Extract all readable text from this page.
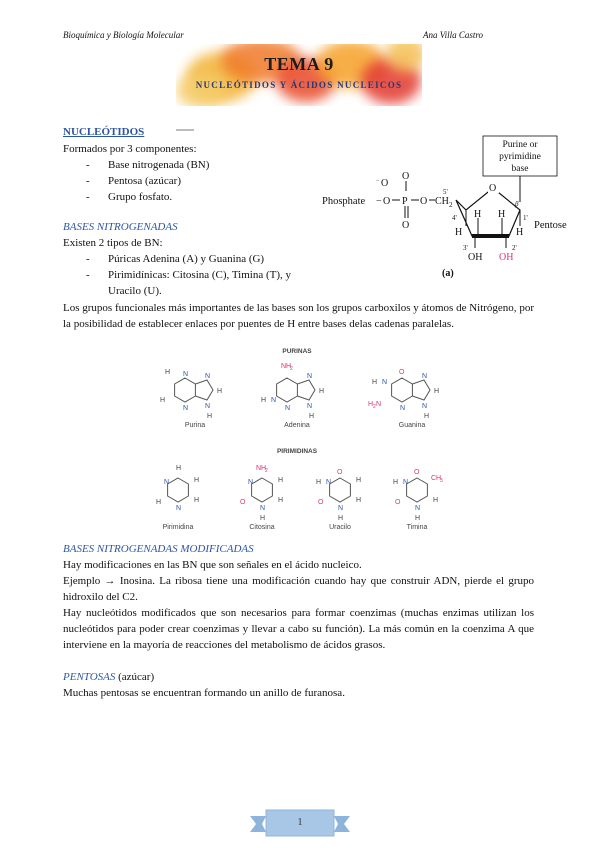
Bioquímica y Biología Molecular	Ana Villa Castro
TEMA 9
NUCLEÓTIDOS Y ÁCIDOS NUCLEICOS
NUCLEÓTIDOS
Formados por 3 componentes:
- Base nitrogenada (BN)
- Pentosa (azúcar)
- Grupo fosfato.
Purine or
pyrimidine
base
Phosphate
− O
− O P
O
O
O CH 2
5'	O
4'	1'
β
H
H H
H
3'	2'
OH OH
Pentose
(a)
BASES NITROGENADAS
Existen 2 tipos de BN:
- Púricas Adenina (A) y Guanina (G)
- Pirimidínicas: Citosina (C), Timina (T), y
Uracilo (U).
Los grupos funcionales más importantes de las bases son los grupos carboxilos y átomos de Nitrógeno, por la posibilidad de establecer enlaces por puentes de H entre bases delas cadenas paralelas.
PURINAS
N
N
N
N
H
H
H
H
Purina
NH
2
N
N
N
N
H
H
H
Adenina
O
N
H
H 2 N
N
N
N
H
H
Guanina
PIRIMIDINAS
N
N
H
H
H
H
Pirimidina
NH
2
N
N
O
H
H
H
Citosina
O
N
H
N
O
H
H
H
Uracilo
O
N
H
N
O
CH
3
H
H
Timina
BASES NITROGENADAS MODIFICADAS
Hay modificaciones en las BN que son señales en el ácido nucleico.
Ejemplo → Inosina. La ribosa tiene una modificación cuando hay que construir ADN, pierde el grupo hidroxilo del C2.
Hay nucleótidos modificados que son necesarios para formar coenzimas (muchas enzimas utilizan los nucleótidos para poder crear coenzimas y llevar a cabo su función). La más común en la coenzima A que interviene en la mayoría de reacciones del metabolismo de ácidos grasos.
PENTOSAS (azúcar)
Muchas pentosas se encuentran formando un anillo de furanosa.
1
